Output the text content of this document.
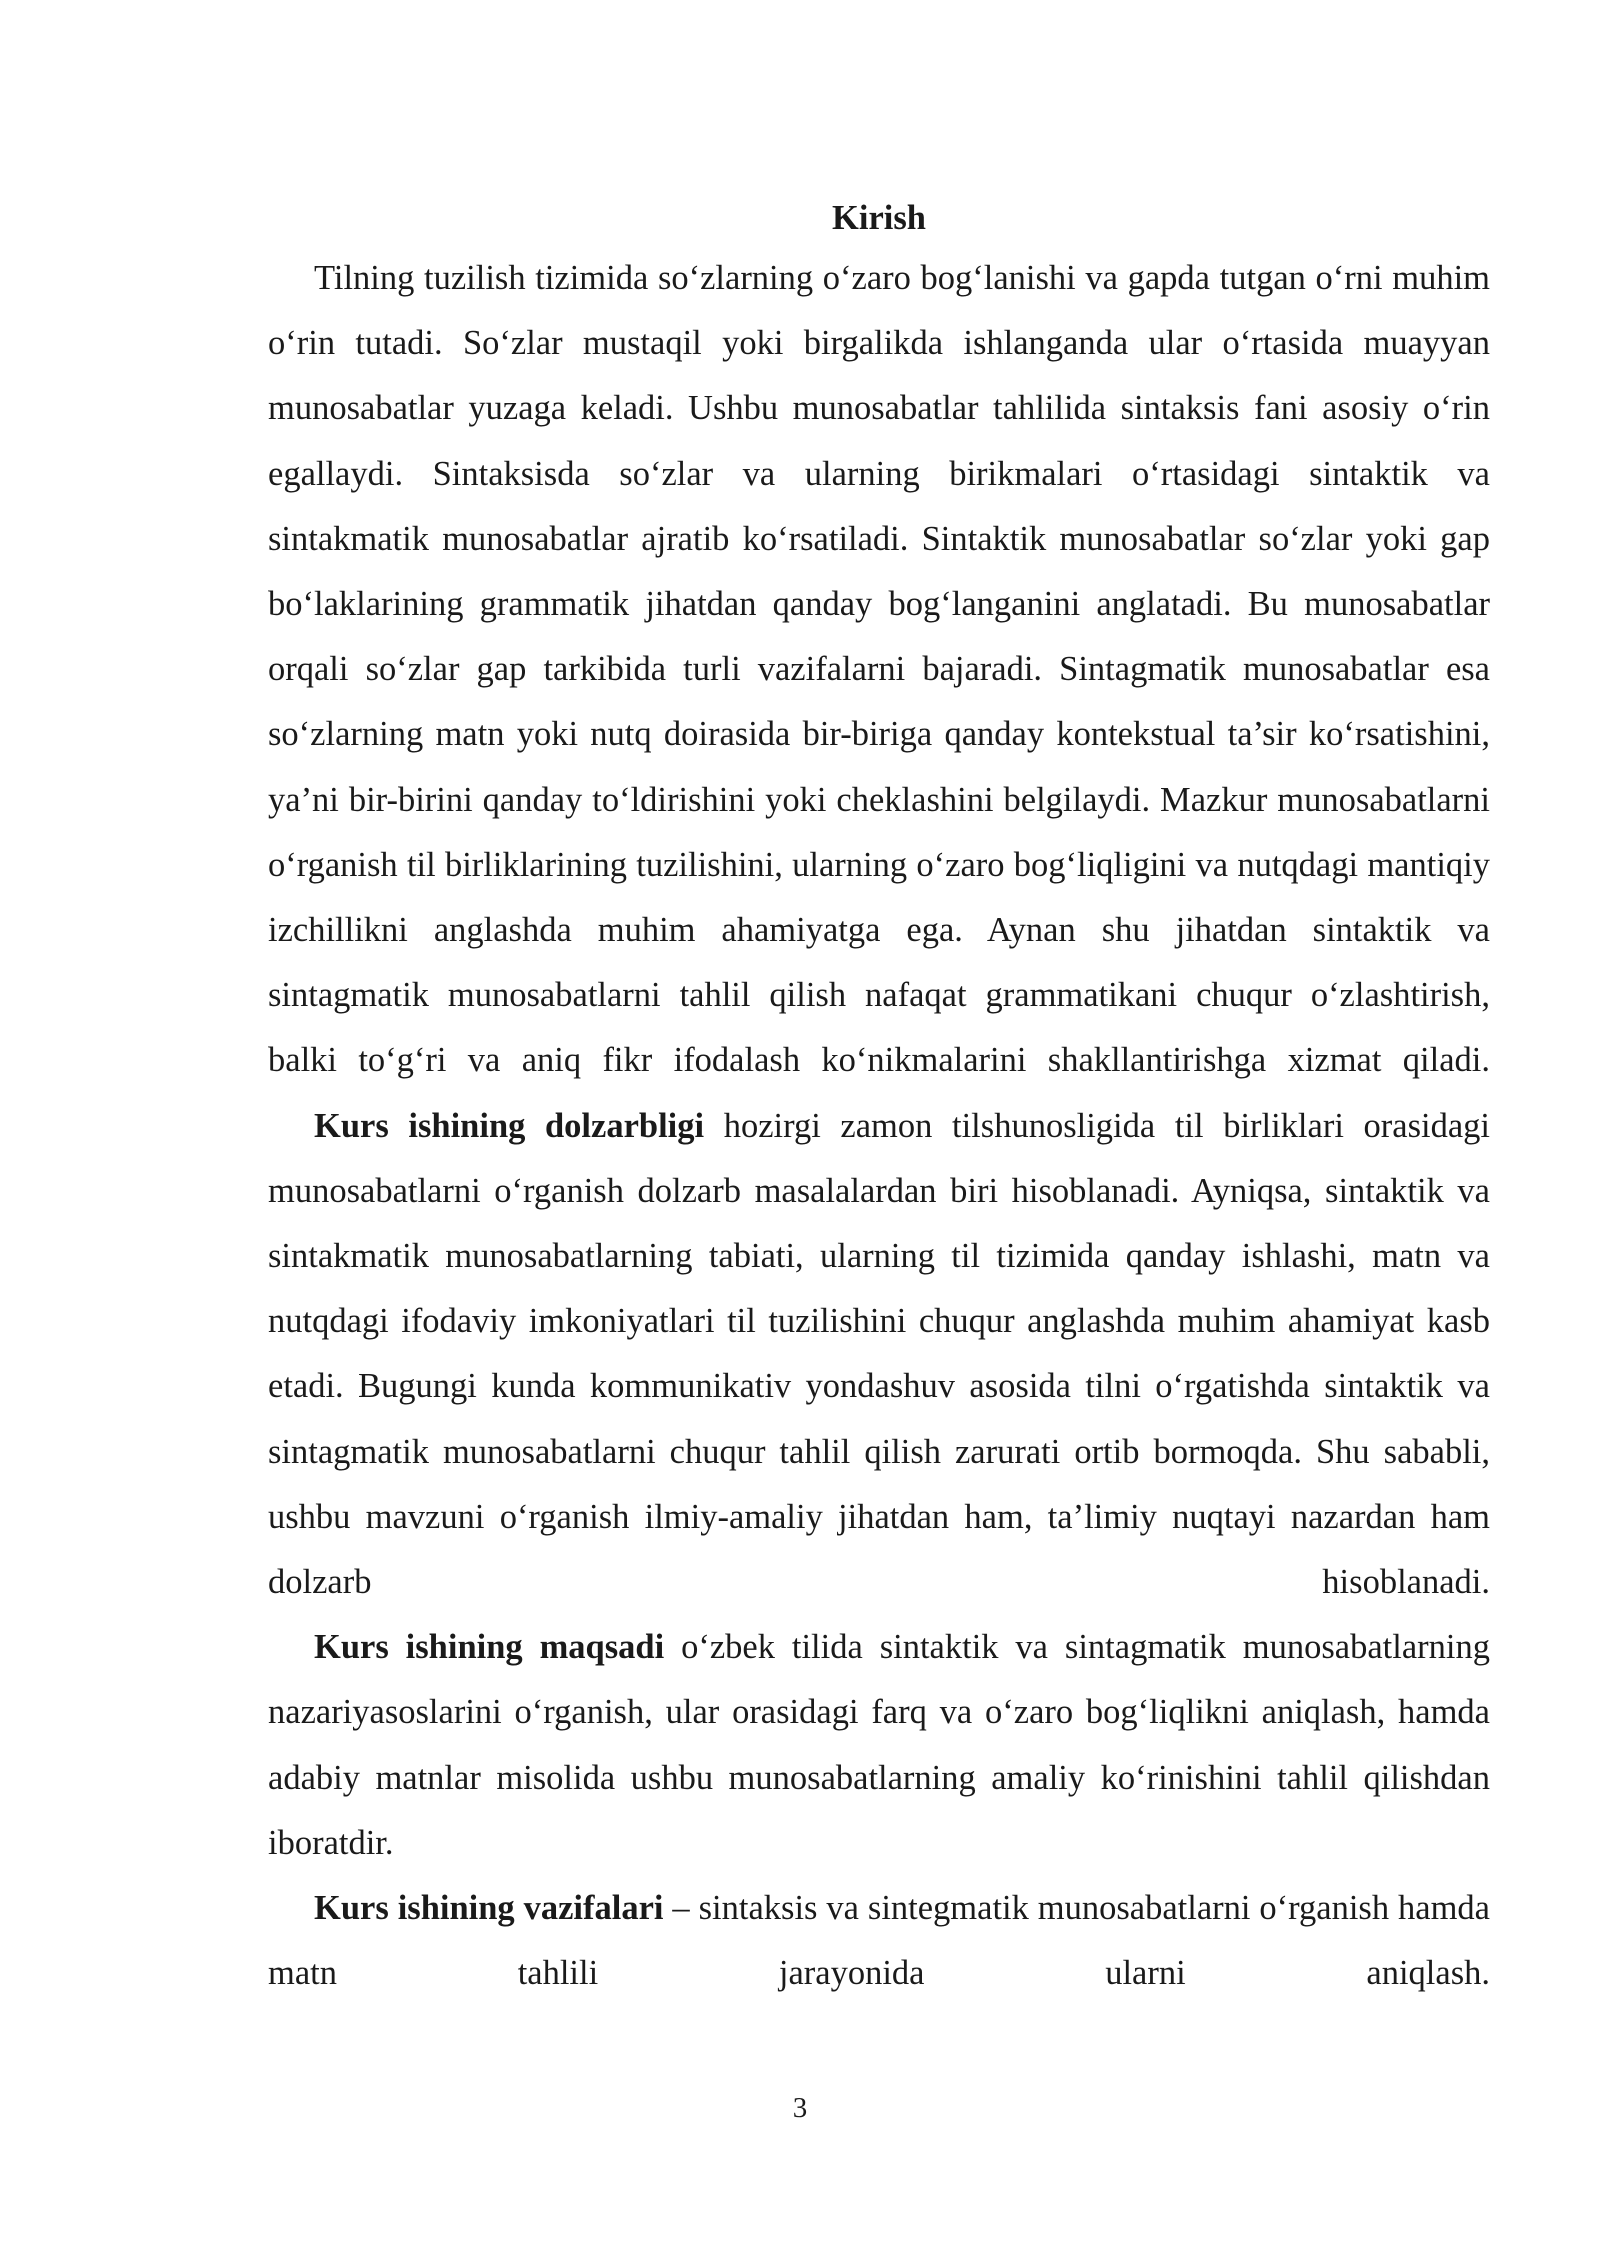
Kirish

Tilning tuzilish tizimida so‘zlarning o‘zaro bog‘lanishi va gapda tutgan o‘rni muhim o‘rin tutadi. So‘zlar mustaqil yoki birgalikda ishlanganda ular o‘rtasida muayyan munosabatlar yuzaga keladi. Ushbu munosabatlar tahlilida sintaksis fani asosiy o‘rin egallaydi. Sintaksisda so‘zlar va ularning birikmalari o‘rtasidagi sintaktik va sintakmatik munosabatlar ajratib ko‘rsatiladi. Sintaktik munosabatlar so‘zlar yoki gap bo‘laklarining grammatik jihatdan qanday bog‘langanini anglatadi. Bu munosabatlar orqali so‘zlar gap tarkibida turli vazifalarni bajaradi. Sintagmatik munosabatlar esa so‘zlarning matn yoki nutq doirasida bir-biriga qanday kontekstual ta’sir ko‘rsatishini, ya’ni bir-birini qanday to‘ldirishini yoki cheklashini belgilaydi. Mazkur munosabatlarni o‘rganish til birliklarining tuzilishini, ularning o‘zaro bog‘liqligini va nutqdagi mantiqiy izchillikni anglashda muhim ahamiyatga ega. Aynan shu jihatdan sintaktik va sintagmatik munosabatlarni tahlil qilish nafaqat grammatikani chuqur o‘zlashtirish, balki to‘g‘ri va aniq fikr ifodalash ko‘nikmalarini shakllantirishga xizmat qiladi.

Kurs ishining dolzarbligi hozirgi zamon tilshunosligida til birliklari orasidagi munosabatlarni o‘rganish dolzarb masalalardan biri hisoblanadi. Ayniqsa, sintaktik va sintakmatik munosabatlarning tabiati, ularning til tizimida qanday ishlashi, matn va nutqdagi ifodaviy imkoniyatlari til tuzilishini chuqur anglashda muhim ahamiyat kasb etadi. Bugungi kunda kommunikativ yondashuv asosida tilni o‘rgatishda sintaktik va sintagmatik munosabatlarni chuqur tahlil qilish zarurati ortib bormoqda. Shu sababli, ushbu mavzuni o‘rganish ilmiy-amaliy jihatdan ham, ta’limiy nuqtayi nazardan ham dolzarb hisoblanadi.

Kurs ishining maqsadi o‘zbek tilida sintaktik va sintagmatik munosabatlarning nazariyasoslarini o‘rganish, ular orasidagi farq va o‘zaro bog‘liqlikni aniqlash, hamda adabiy matnlar misolida ushbu munosabatlarning amaliy ko‘rinishini tahlil qilishdan iboratdir.

Kurs ishining vazifalari – sintaksis va sintegmatik munosabatlarni o‘rganish hamda matn tahlili jarayonida ularni aniqlash.

3
